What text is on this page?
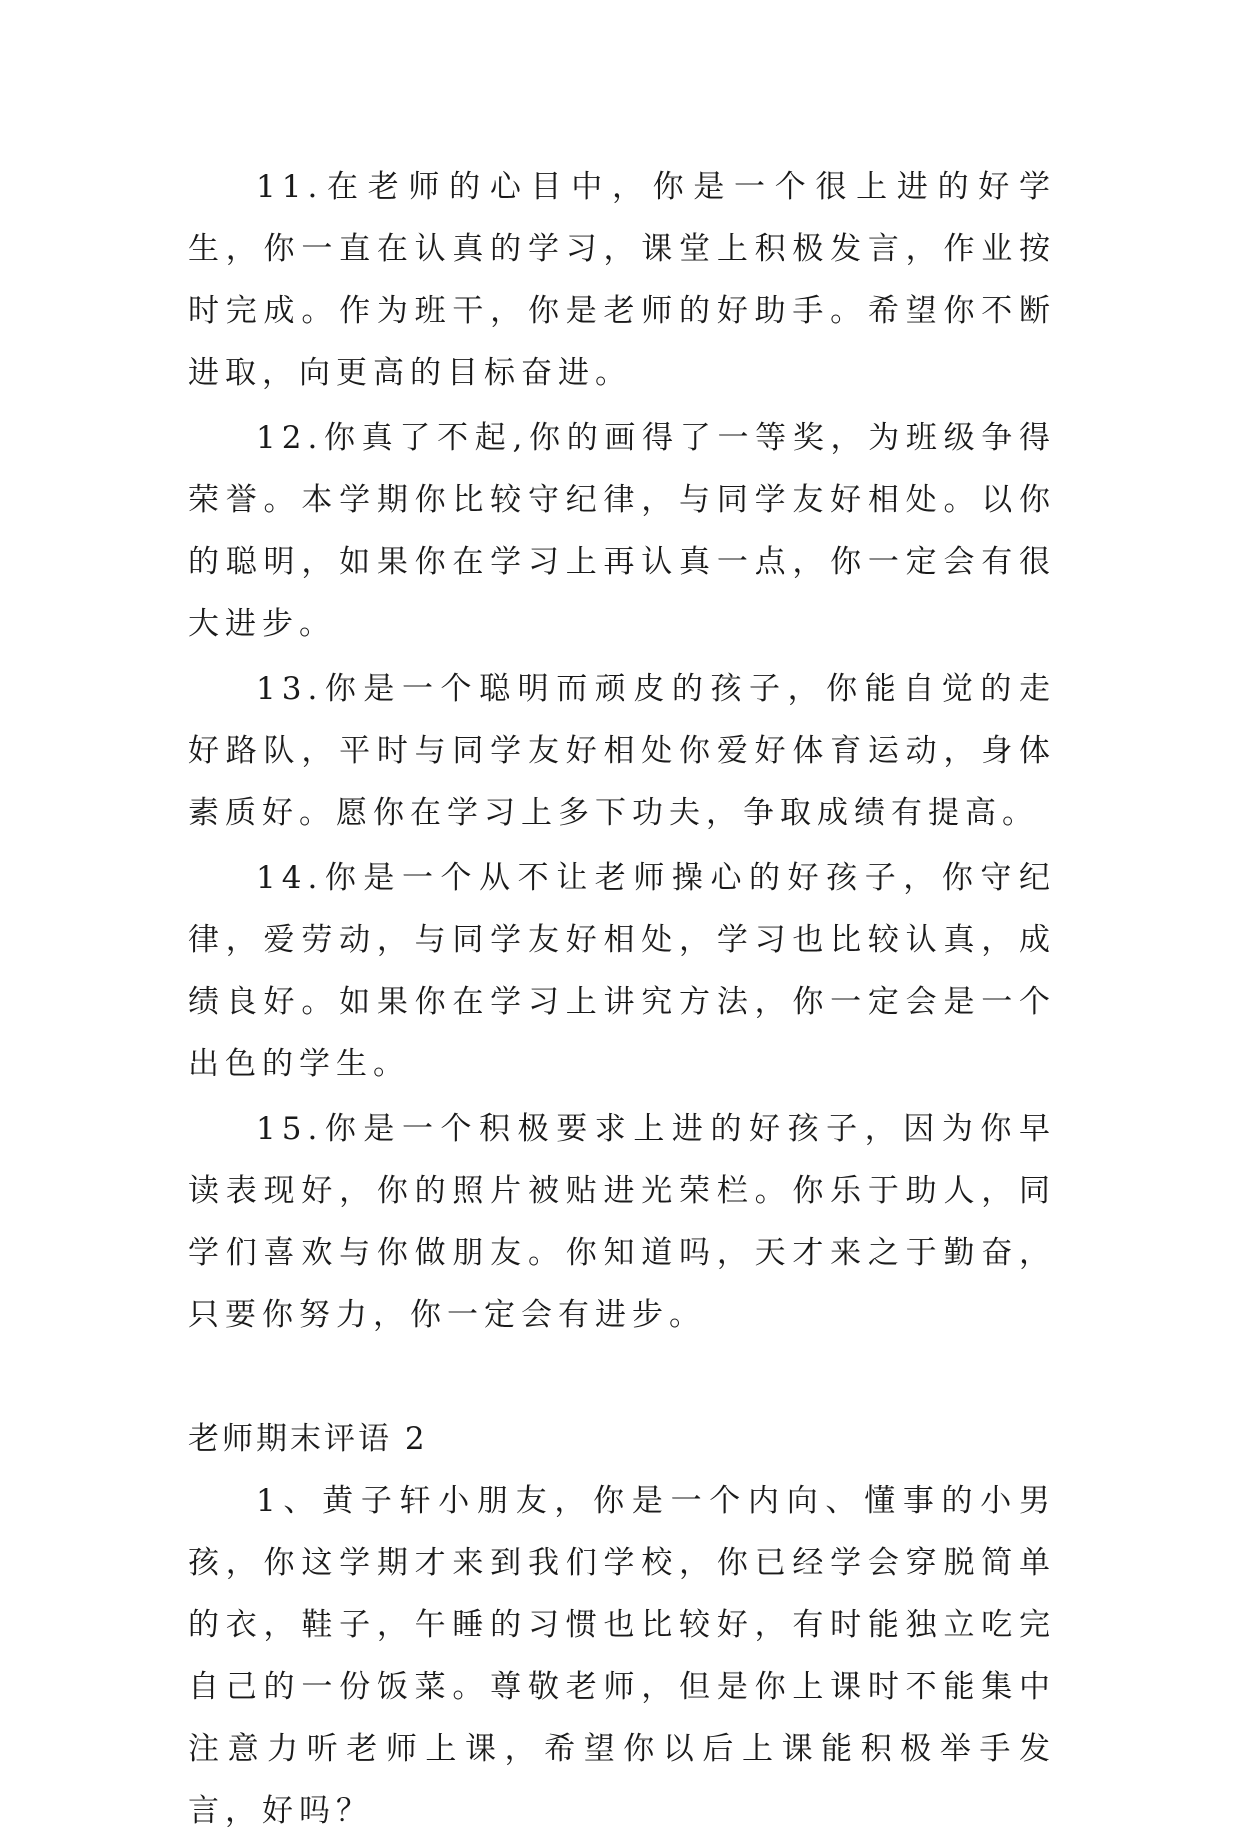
11.在老师的心目中，你是一个很上进的好学生，你一直在认真的学习，课堂上积极发言，作业按时完成。作为班干，你是老师的好助手。希望你不断进取，向更高的目标奋进。

12.你真了不起,你的画得了一等奖，为班级争得荣誉。本学期你比较守纪律，与同学友好相处。以你的聪明，如果你在学习上再认真一点，你一定会有很大进步。

13.你是一个聪明而顽皮的孩子，你能自觉的走好路队，平时与同学友好相处你爱好体育运动，身体素质好。愿你在学习上多下功夫，争取成绩有提高。

14.你是一个从不让老师操心的好孩子，你守纪律，爱劳动，与同学友好相处，学习也比较认真，成绩良好。如果你在学习上讲究方法，你一定会是一个出色的学生。

15.你是一个积极要求上进的好孩子，因为你早读表现好，你的照片被贴进光荣栏。你乐于助人，同学们喜欢与你做朋友。你知道吗，天才来之于勤奋，只要你努力，你一定会有进步。

老师期末评语 2

1、黄子轩小朋友，你是一个内向、懂事的小男孩，你这学期才来到我们学校，你已经学会穿脱简单的衣，鞋子，午睡的习惯也比较好，有时能独立吃完自己的一份饭菜。尊敬老师，但是你上课时不能集中注意力听老师上课，希望你以后上课能积极举手发言，好吗？
